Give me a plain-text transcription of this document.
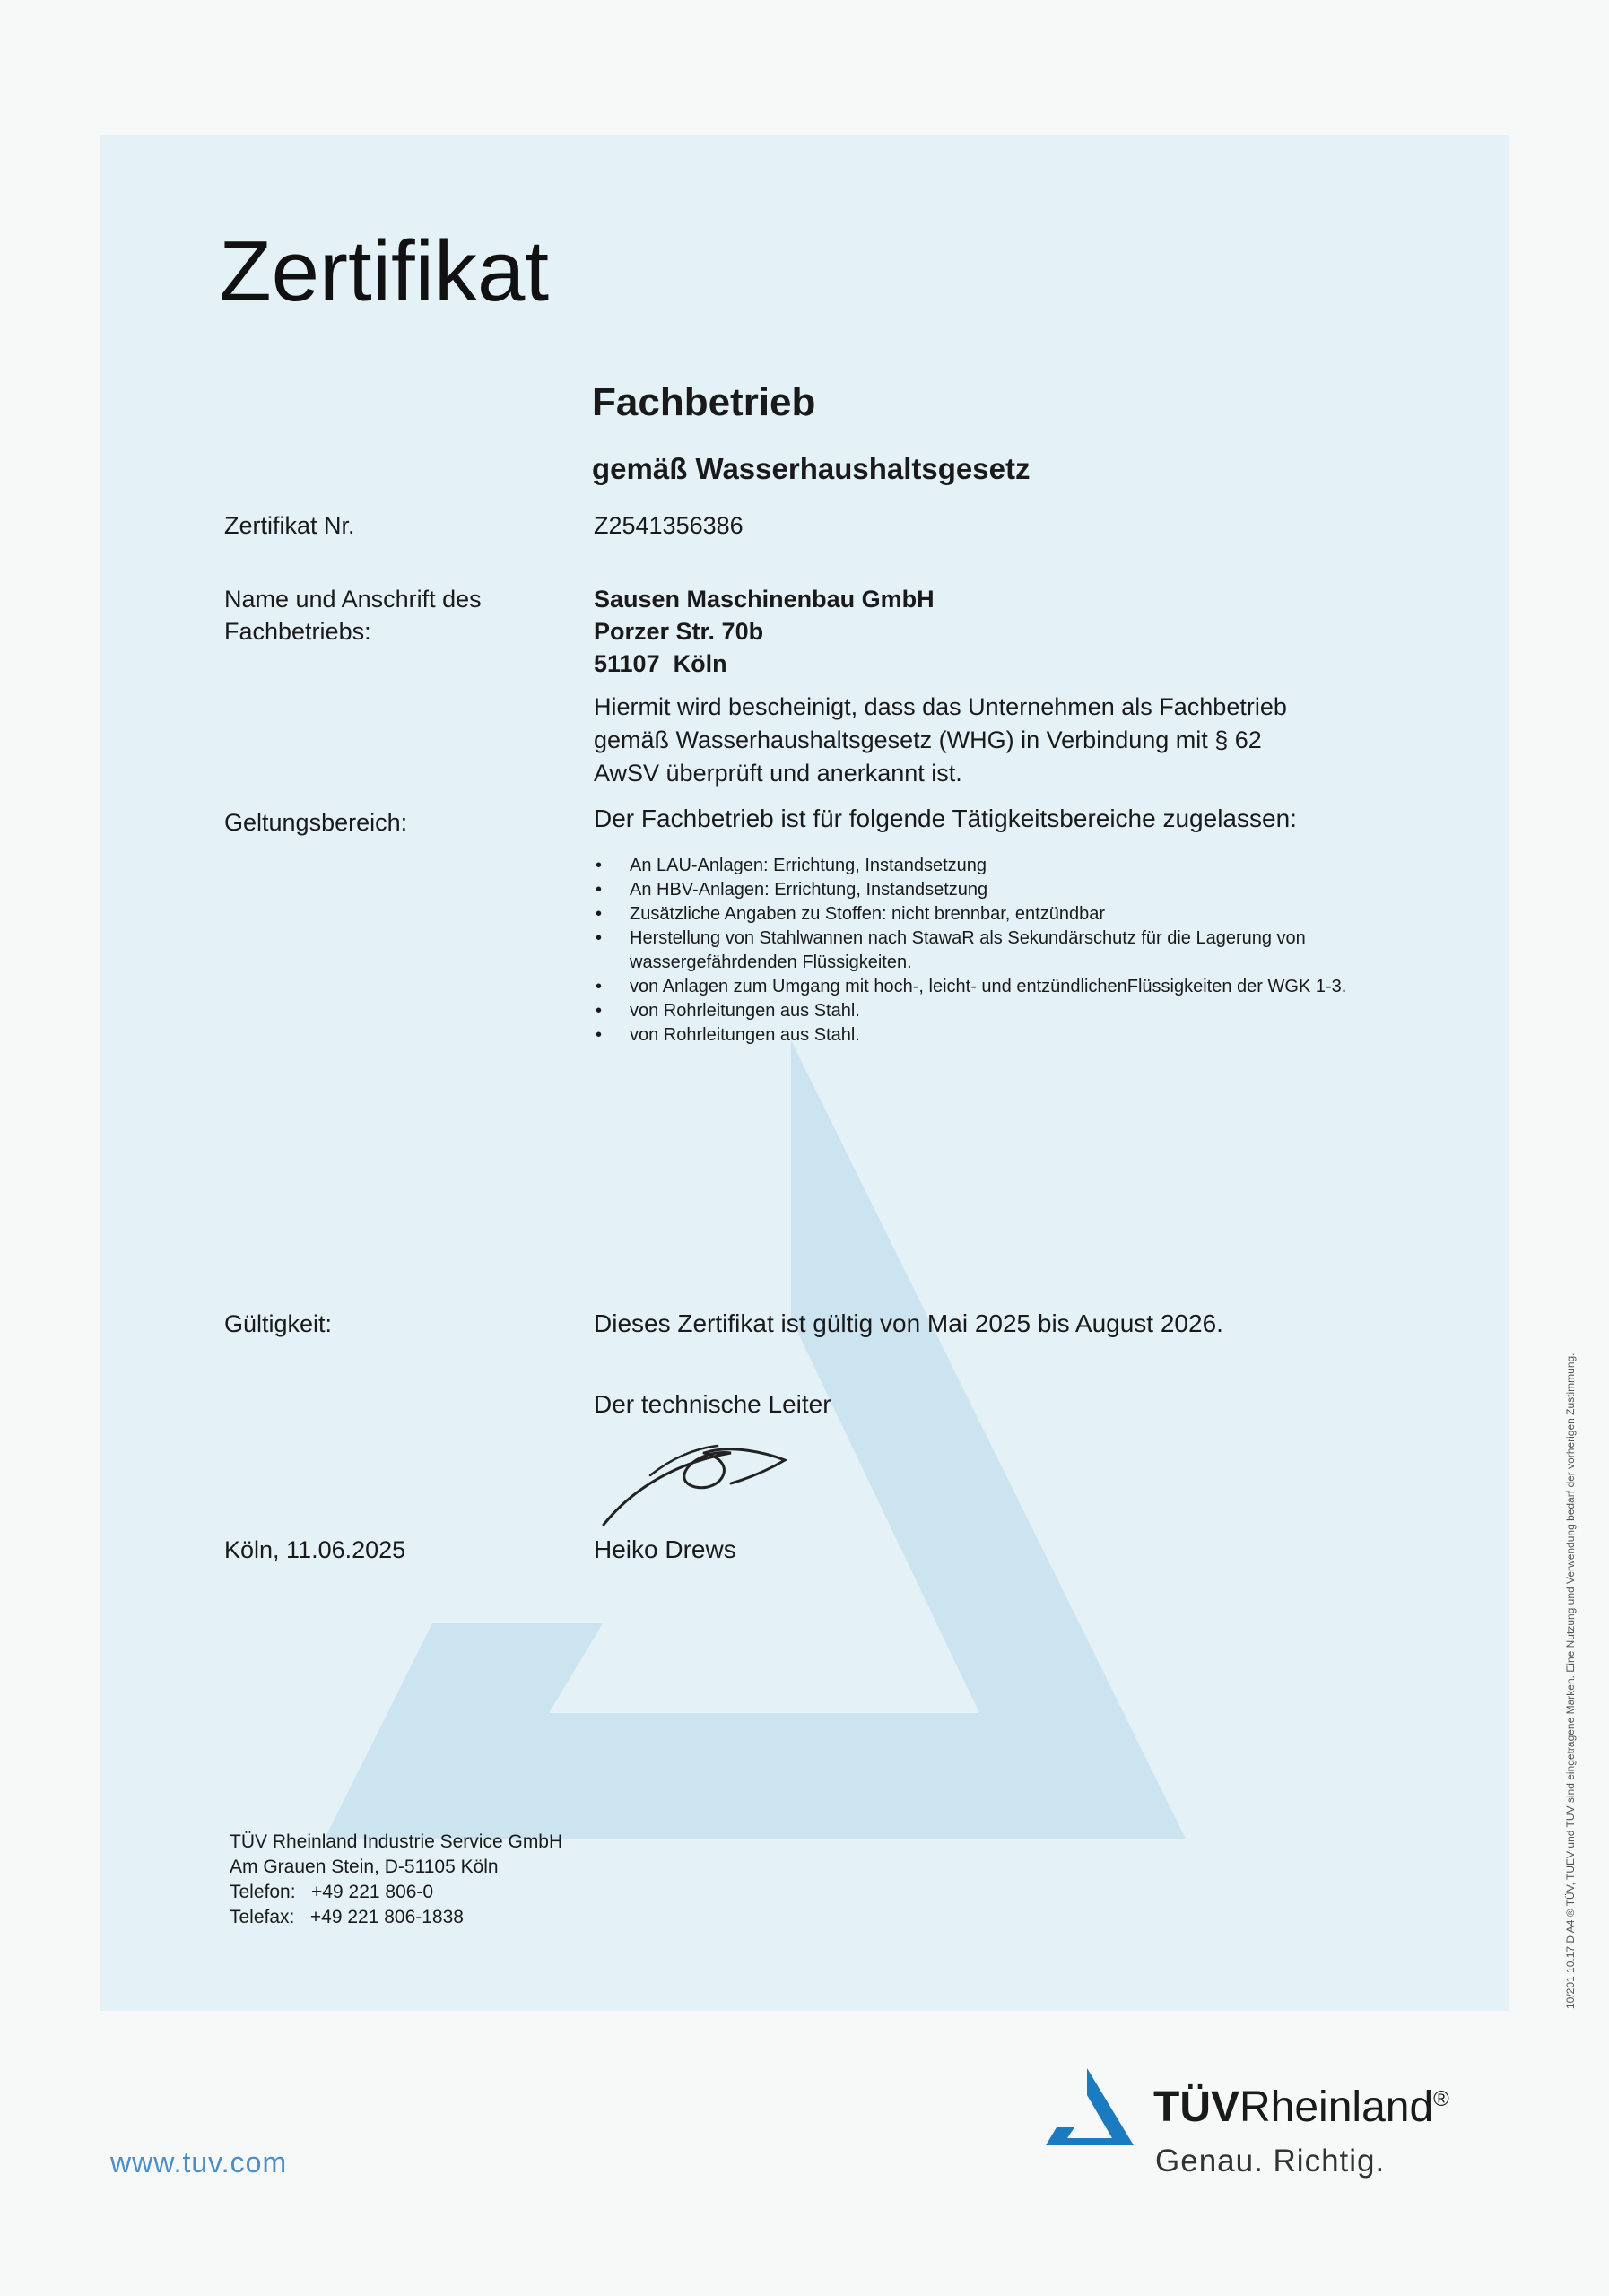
Zertifikat
Fachbetrieb
gemäß Wasserhaushaltsgesetz
Zertifikat Nr.	Z2541356386
Name und Anschrift des
Fachbetriebs:
Sausen Maschinenbau GmbH
Porzer Str. 70b
51107  Köln
Hiermit wird bescheinigt, dass das Unternehmen als Fachbetrieb
gemäß Wasserhaushaltsgesetz (WHG) in Verbindung mit § 62
AwSV überprüft und anerkannt ist.
Geltungsbereich:	Der Fachbetrieb ist für folgende Tätigkeitsbereiche zugelassen:
• An LAU-Anlagen: Errichtung, Instandsetzung
• An HBV-Anlagen: Errichtung, Instandsetzung
• Zusätzliche Angaben zu Stoffen: nicht brennbar, entzündbar
• Herstellung von Stahlwannen nach StawaR als Sekundärschutz für die Lagerung von wassergefährdenden Flüssigkeiten.
• von Anlagen zum Umgang mit hoch-, leicht- und entzündlichenFlüssigkeiten der WGK 1-3.
• von Rohrleitungen aus Stahl.
• von Rohrleitungen aus Stahl.
Gültigkeit:	Dieses Zertifikat ist gültig von Mai 2025 bis August 2026.
Der technische Leiter
Köln, 11.06.2025	Heiko Drews
TÜV Rheinland Industrie Service GmbH
Am Grauen Stein, D-51105 Köln
Telefon:   +49 221 806-0
Telefax:   +49 221 806-1838
www.tuv.com
TÜVRheinland®
Genau. Richtig.
10/201 10.17 D A4 ® TÜV, TUEV und TUV sind eingetragene Marken. Eine Nutzung und Verwendung bedarf der vorherigen Zustimmung.
